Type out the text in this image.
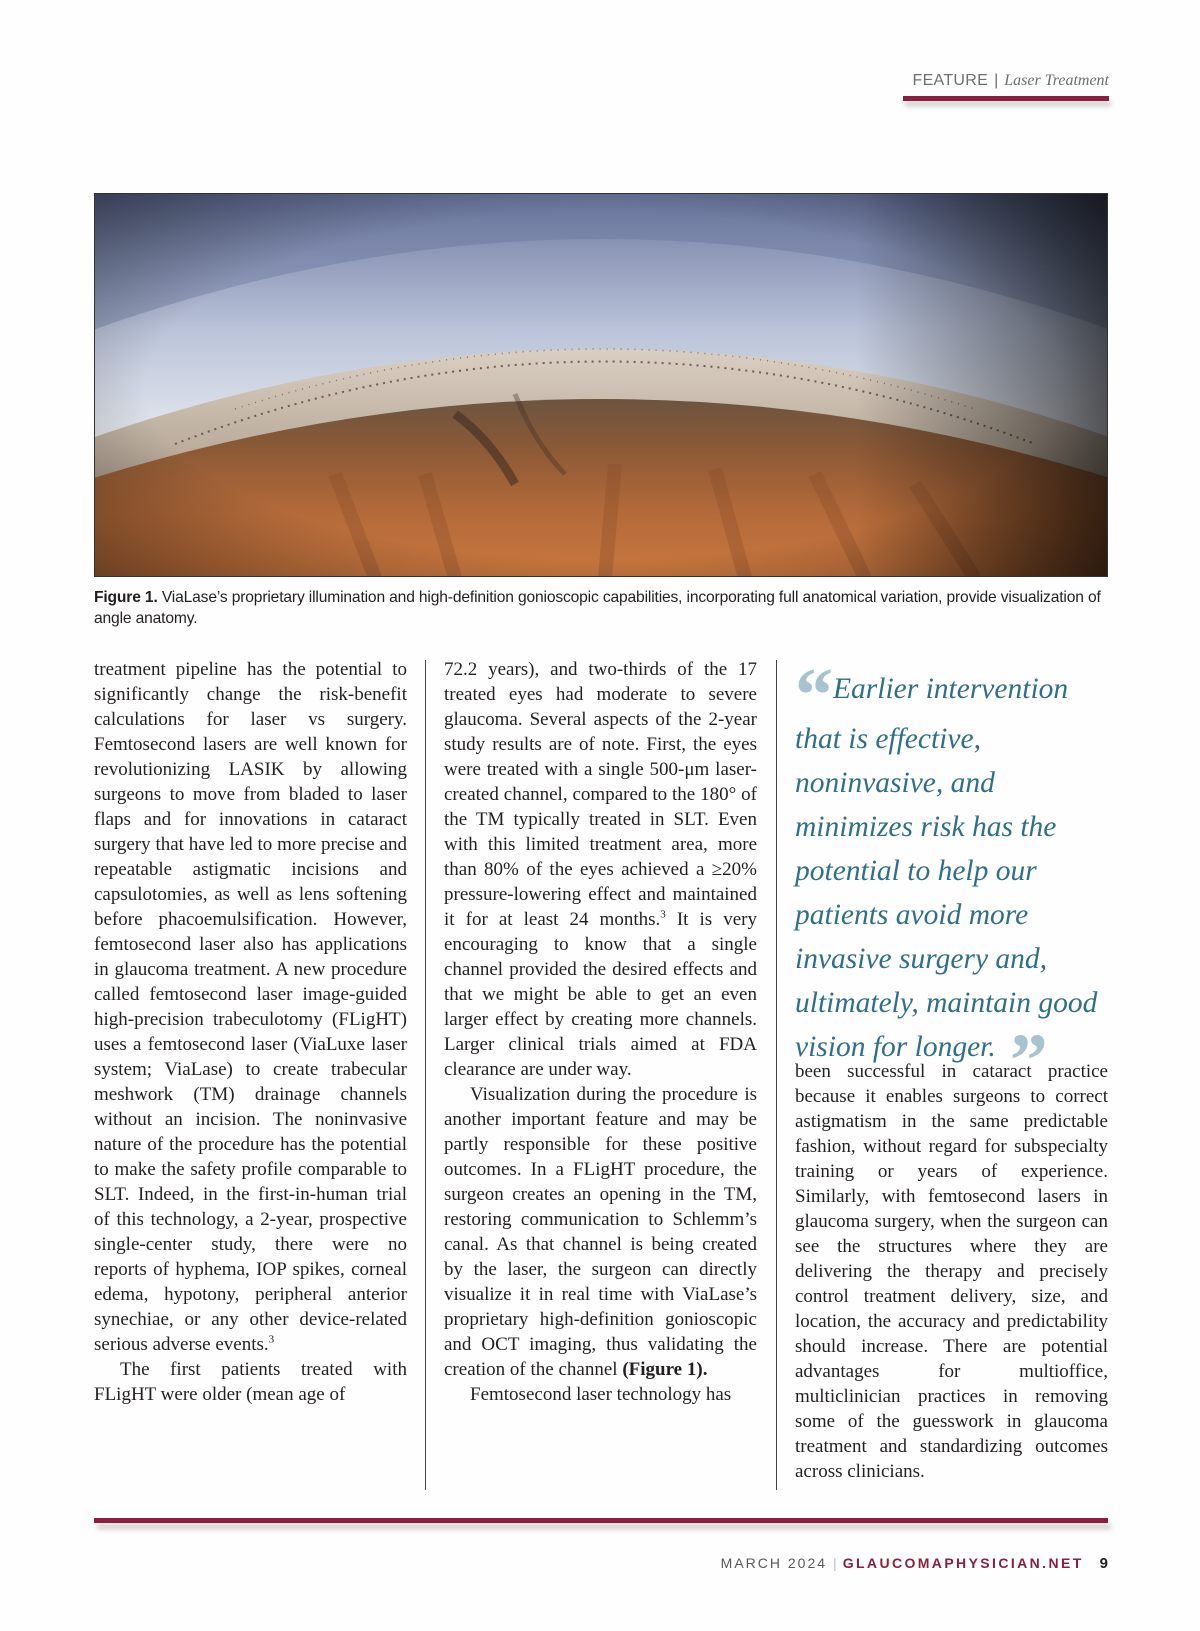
FEATURE | Laser Treatment
Figure 1. ViaLase’s proprietary illumination and high-definition gonioscopic capabilities, incorporating full anatomical variation, provide visualization of angle anatomy.

treatment pipeline has the potential to significantly change the risk-benefit calculations for laser vs surgery. Femtosecond lasers are well known for revolutionizing LASIK by allowing surgeons to move from bladed to laser flaps and for innovations in cataract surgery that have led to more precise and repeatable astigmatic incisions and capsulotomies, as well as lens softening before phacoemulsification. However, femtosecond laser also has applications in glaucoma treatment. A new procedure called femtosecond laser image-guided high-precision trabeculotomy (FLigHT) uses a femtosecond laser (ViaLuxe laser system; ViaLase) to create trabecular meshwork (TM) drainage channels without an incision. The noninvasive nature of the procedure has the potential to make the safety profile comparable to SLT. Indeed, in the first-in-human trial of this technology, a 2-year, prospective single-center study, there were no reports of hyphema, IOP spikes, corneal edema, hypotony, peripheral anterior synechiae, or any other device-related serious adverse events.$^3$

The first patients treated with FLigHT were older (mean age of

72.2 years), and two-thirds of the 17 treated eyes had moderate to severe glaucoma. Several aspects of the 2-year study results are of note. First, the eyes were treated with a single 500-μm laser-created channel, compared to the 180° of the TM typically treated in SLT. Even with this limited treatment area, more than 80% of the eyes achieved a ≥20% pressure-lowering effect and maintained it for at least 24 months.$^3$ It is very encouraging to know that a single channel provided the desired effects and that we might be able to get an even larger effect by creating more channels. Larger clinical trials aimed at FDA clearance are under way.

Visualization during the procedure is another important feature and may be partly responsible for these positive outcomes. In a FLigHT procedure, the surgeon creates an opening in the TM, restoring communication to Schlemm’s canal. As that channel is being created by the laser, the surgeon can directly visualize it in real time with ViaLase’s proprietary high-definition gonioscopic and OCT imaging, thus validating the creation of the channel (Figure 1).

Femtosecond laser technology has

“ Earlier intervention that is effective, noninvasive, and minimizes risk has the potential to help our patients avoid more invasive surgery and, ultimately, maintain good vision for longer. ”

been successful in cataract practice because it enables surgeons to correct astigmatism in the same predictable fashion, without regard for subspecialty training or years of experience. Similarly, with femtosecond lasers in glaucoma surgery, when the surgeon can see the structures where they are delivering the therapy and precisely control treatment delivery, size, and location, the accuracy and predictability should increase. There are potential advantages for multioffice, multiclinician practices in removing some of the guesswork in glaucoma treatment and standardizing outcomes across clinicians.

MARCH 2024 | GLAUCOMAPHYSICIAN.NET 9
